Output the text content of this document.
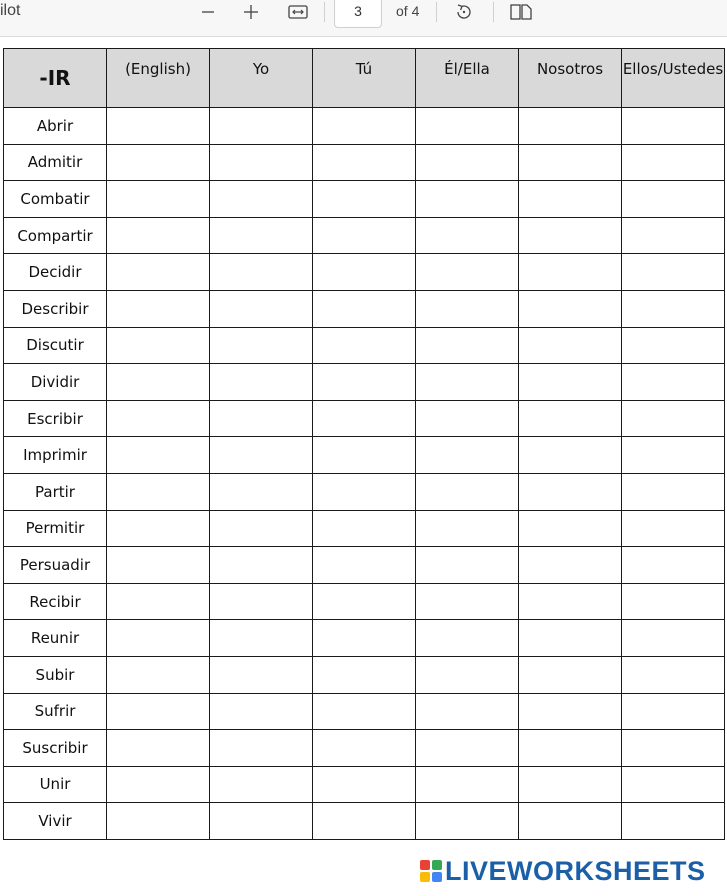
ilot
3	of 4
-IR	(English)	Yo	Tú	Él/Ella	Nosotros	Ellos/Ustedes
Abrir						
Admitir						
Combatir						
Compartir						
Decidir						
Describir						
Discutir						
Dividir						
Escribir						
Imprimir						
Partir						
Permitir						
Persuadir						
Recibir						
Reunir						
Subir						
Sufrir						
Suscribir						
Unir						
Vivir						
LIVEWORKSHEETS
